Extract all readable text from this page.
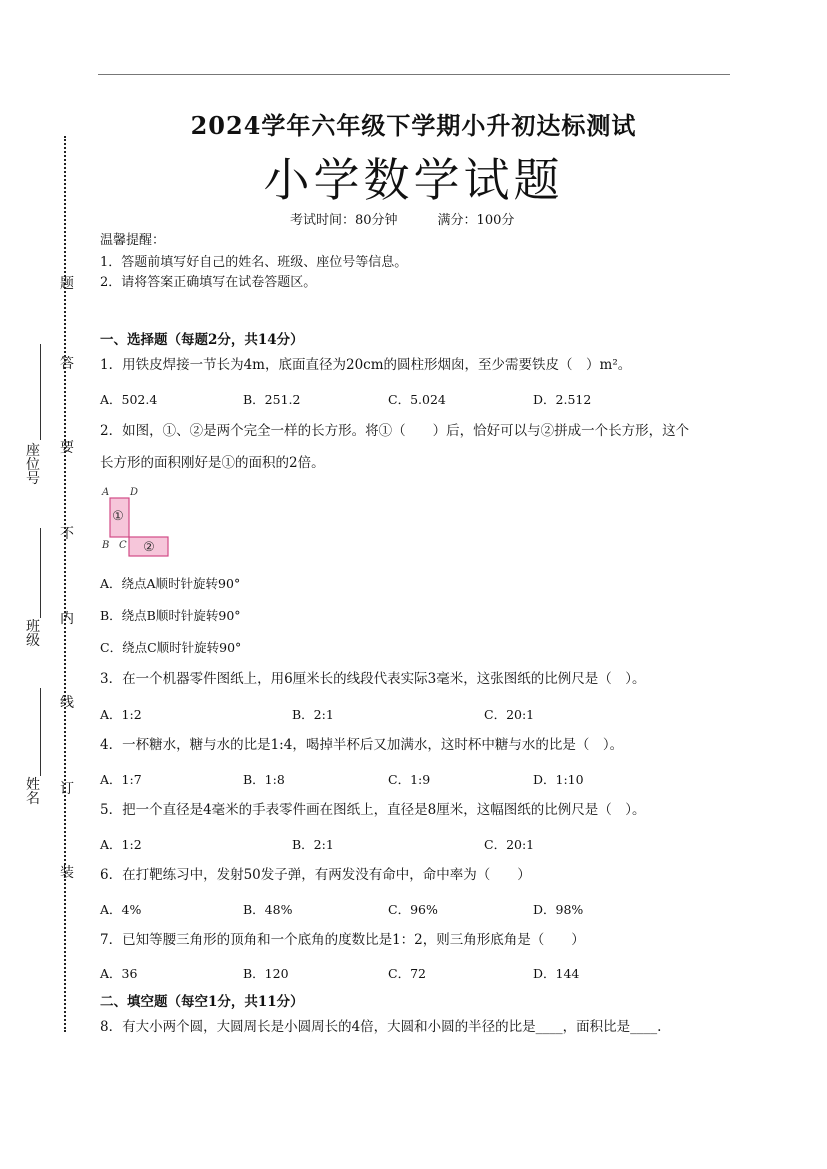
题
答
要
不
内
线
订
装
座位号
班级
姓名
2024学年六年级下学期小升初达标测试
小学数学试题
考试时间：80分钟	满分：100分
温馨提醒：
1．答题前填写好自己的姓名、班级、座位号等信息。
2．请将答案正确填写在试卷答题区。
一、选择题（每题2分，共14分）
1．用铁皮焊接一节长为4m，底面直径为20cm的圆柱形烟囱，至少需要铁皮（　）m²。
A．502.4	B．251.2	C．5.024	D．2.512
2．如图，①、②是两个完全一样的长方形。将①（　　）后，恰好可以与②拼成一个长方形，这个
长方形的面积刚好是①的面积的2倍。
①
②
A D
B C
A．绕点A顺时针旋转90°
B．绕点B顺时针旋转90°
C．绕点C顺时针旋转90°
3．在一个机器零件图纸上，用6厘米长的线段代表实际3毫米，这张图纸的比例尺是（　）。
A．1:2	B．2:1	C．20:1
4．一杯糖水，糖与水的比是1:4，喝掉半杯后又加满水，这时杯中糖与水的比是（　）。
A．1:7	B．1:8	C．1:9	D．1:10
5．把一个直径是4毫米的手表零件画在图纸上，直径是8厘米，这幅图纸的比例尺是（　）。
A．1:2	B．2:1	C．20:1
6．在打靶练习中，发射50发子弹，有两发没有命中，命中率为（　　）
A．4%	B．48%	C．96%	D．98%
7．已知等腰三角形的顶角和一个底角的度数比是1：2，则三角形底角是（　　）
A．36	B．120	C．72	D．144
二、填空题（每空1分，共11分）
8．有大小两个圆，大圆周长是小圆周长的4倍，大圆和小圆的半径的比是____，面积比是____.
